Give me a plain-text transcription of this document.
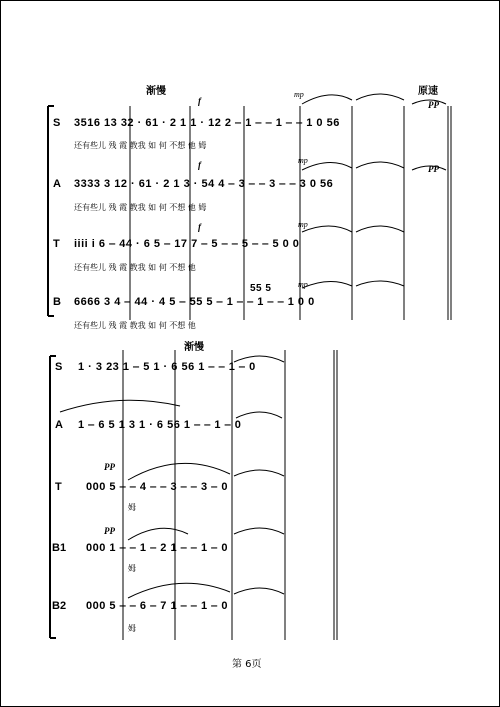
渐慢	原速
f
mp
PP
S 3516 13 32 · 61 · 2 1 1 · 12 2 ‒ 1 ‒ ‒ 1 ‒ ‒ 1 0 56
还有些儿 残 霞 教我 如 何 不想 他 姆
f	mp
PP
A 3333 3 12 · 61 · 2 1 3 · 54 4 ‒ 3 ‒ ‒ 3 ‒ ‒ 3 0 56
还有些儿 残 霞 教我 如 何 不想 他 姆
f	mp
T iiii i 6 ‒ 44 · 6 5 ‒ 17 7 ‒ 5 ‒ ‒ 5 ‒ ‒ 5 0 0
还有些儿 残 霞 教我 如 何 不想 他
55 5	mp
B 6666 3 4 ‒ 44 · 4 5 ‒ 55 5 ‒ 1 ‒ ‒ 1 ‒ ‒ 1 0 0
还有些儿 残 霞 教我 如 何 不想 他
渐慢
S 1 · 3 23 1 ‒ 5 1 · 6 56 1 ‒ ‒ 1 ‒ 0
A 1 ‒ 6 5 1 3 1 · 6 56 1 ‒ ‒ 1 ‒ 0
PP
T 000 5 ‒ ‒ 4 ‒ ‒ 3 ‒ ‒ 3 ‒ 0
姆
PP
B1 000 1 ‒ ‒ 1 ‒ 2 1 ‒ ‒ 1 ‒ 0
姆
B2 000 5 ‒ ‒ 6 ‒ 7 1 ‒ ‒ 1 ‒ 0
姆
第 6页
